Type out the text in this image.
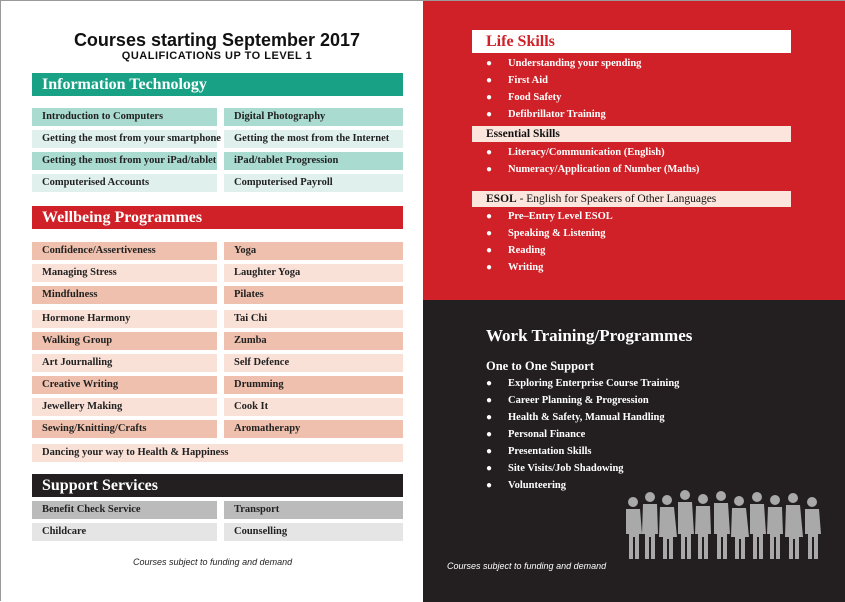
Courses starting September 2017
QUALIFICATIONS UP TO LEVEL 1
Information Technology
Introduction to Computers	Digital Photography
Getting the most from your smartphone	Getting the most from the Internet
Getting the most from your iPad/tablet	iPad/tablet Progression
Computerised Accounts	Computerised Payroll
Wellbeing Programmes
Confidence/Assertiveness	Yoga
Managing Stress	Laughter Yoga
Mindfulness	Pilates
Hormone Harmony	Tai Chi
Walking Group	Zumba
Art Journalling	Self Defence
Creative Writing	Drumming
Jewellery Making	Cook It
Sewing/Knitting/Crafts	Aromatherapy
Dancing your way to Health & Happiness
Support Services
Benefit Check Service	Transport
Childcare	Counselling
Courses subject to funding and demand
Life Skills
● Understanding your spending
● First Aid
● Food Safety
● Defibrillator Training
Essential Skills
● Literacy/Communication (English)
● Numeracy/Application of Number (Maths)
ESOL - English for Speakers of Other Languages
● Pre–Entry Level ESOL
● Speaking & Listening
● Reading
● Writing
Work Training/Programmes
One to One Support
● Exploring Enterprise Course Training
● Career Planning & Progression
● Health & Safety, Manual Handling
● Personal Finance
● Presentation Skills
● Site Visits/Job Shadowing
● Volunteering
Courses subject to funding and demand
